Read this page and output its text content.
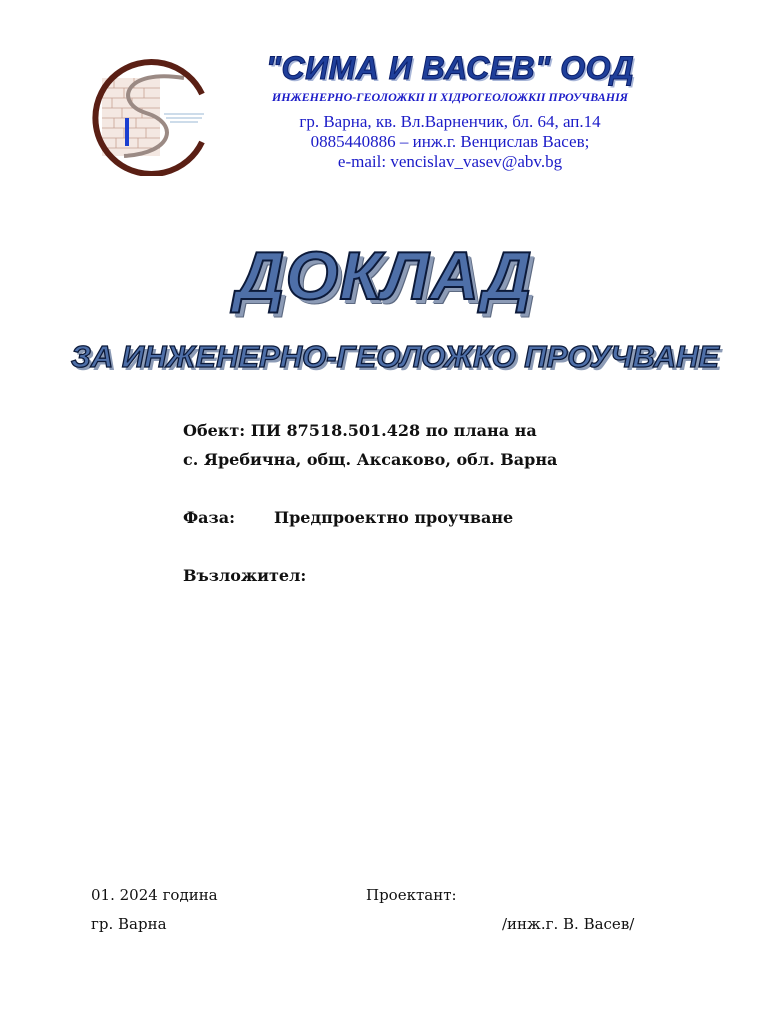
"СИМА И ВАСЕВ" ООД
ИНЖЕНЕРНО-ГЕОЛОЖКІІ ІІ ХІДРОГЕОЛОЖКІІ ПРОУЧВАНІЯ
гр. Варна, кв. Вл.Варненчик, бл. 64, ап.14
0885440886 – инж.г. Венцислав Васев;
e-mail: vencislav_vasev@abv.bg
ДОКЛАД
ЗА ИНЖЕНЕРНО-ГЕОЛОЖКО ПРОУЧВАНЕ
Обект: ПИ 87518.501.428 по плана на
с. Яребична, общ. Аксаково, обл. Варна
Фаза: Предпроектно проучване
Възложител:
01. 2024 година
гр. Варна
Проектант:
/инж.г. В. Васев/
